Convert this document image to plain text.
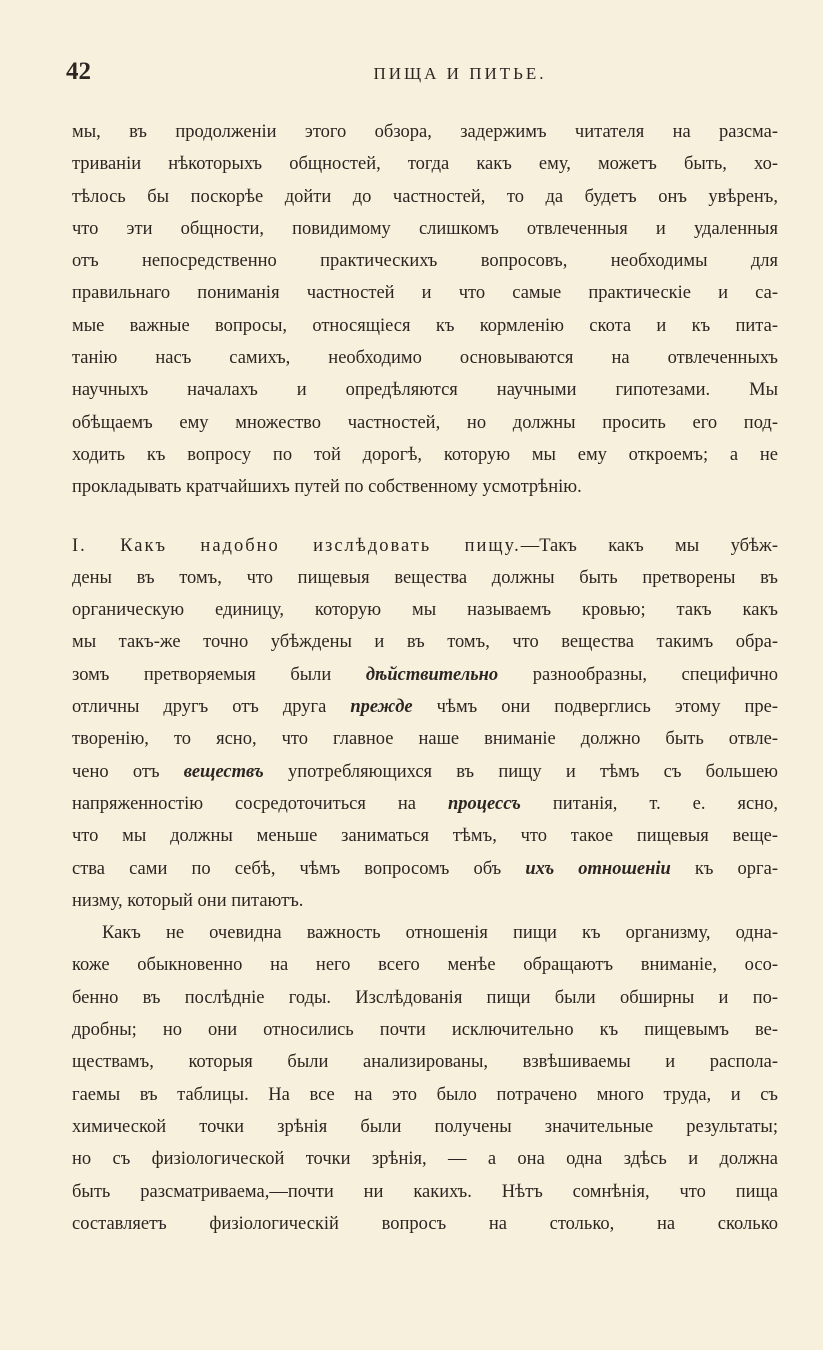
42	ПИЩА И ПИТЬЕ.
мы, въ продолженіи этого обзора, задержимъ читателя на разсма-
триваніи нѣкоторыхъ общностей, тогда какъ ему, можетъ быть, хо-
тѣлось бы поскорѣе дойти до частностей, то да будетъ онъ увѣренъ,
что эти общности, повидимому слишкомъ отвлеченныя и удаленныя
отъ непосредственно практическихъ вопросовъ, необходимы для
правильнаго пониманія частностей и что самые практическіе и са-
мые важные вопросы, относящіеся къ кормленію скота и къ пита-
танію насъ самихъ, необходимо основываются на отвлеченныхъ
научныхъ началахъ и опредѣляются научными гипотезами. Мы
обѣщаемъ ему множество частностей, но должны просить его под-
ходить къ вопросу по той дорогѣ, которую мы ему откроемъ; а не
прокладывать кратчайшихъ путей по собственному усмотрѣнію.
I. Какъ надобно изслѣдовать пищу.—Такъ какъ мы убѣж-
дены въ томъ, что пищевыя вещества должны быть претворены въ
органическую единицу, которую мы называемъ кровью; такъ какъ
мы такъ-же точно убѣждены и въ томъ, что вещества такимъ обра-
зомъ претворяемыя были дѣйствительно разнообразны, специфично
отличны другъ отъ друга прежде чѣмъ они подверглись этому пре-
творенію, то ясно, что главное наше вниманіе должно быть отвле-
чено отъ веществъ употребляющихся въ пищу и тѣмъ съ большею
напряженностію сосредоточиться на процессъ питанія, т. е. ясно,
что мы должны меньше заниматься тѣмъ, что такое пищевыя веще-
ства сами по себѣ, чѣмъ вопросомъ объ ихъ отношеніи къ орга-
низму, который они питаютъ.
Какъ не очевидна важность отношенія пищи къ организму, одна-
коже обыкновенно на него всего менѣе обращаютъ вниманіе, осо-
бенно въ послѣдніе годы. Изслѣдованія пищи были обширны и по-
дробны; но они относились почти исключительно къ пищевымъ ве-
ществамъ, которыя были анализированы, взвѣшиваемы и распола-
гаемы въ таблицы. На все на это было потрачено много труда, и съ
химической точки зрѣнія были получены значительные результаты;
но съ физіологической точки зрѣнія, — а она одна здѣсь и должна
быть разсматриваема,—почти ни какихъ. Нѣтъ сомнѣнія, что пища
составляетъ физіологическій вопросъ на столько, на сколько
